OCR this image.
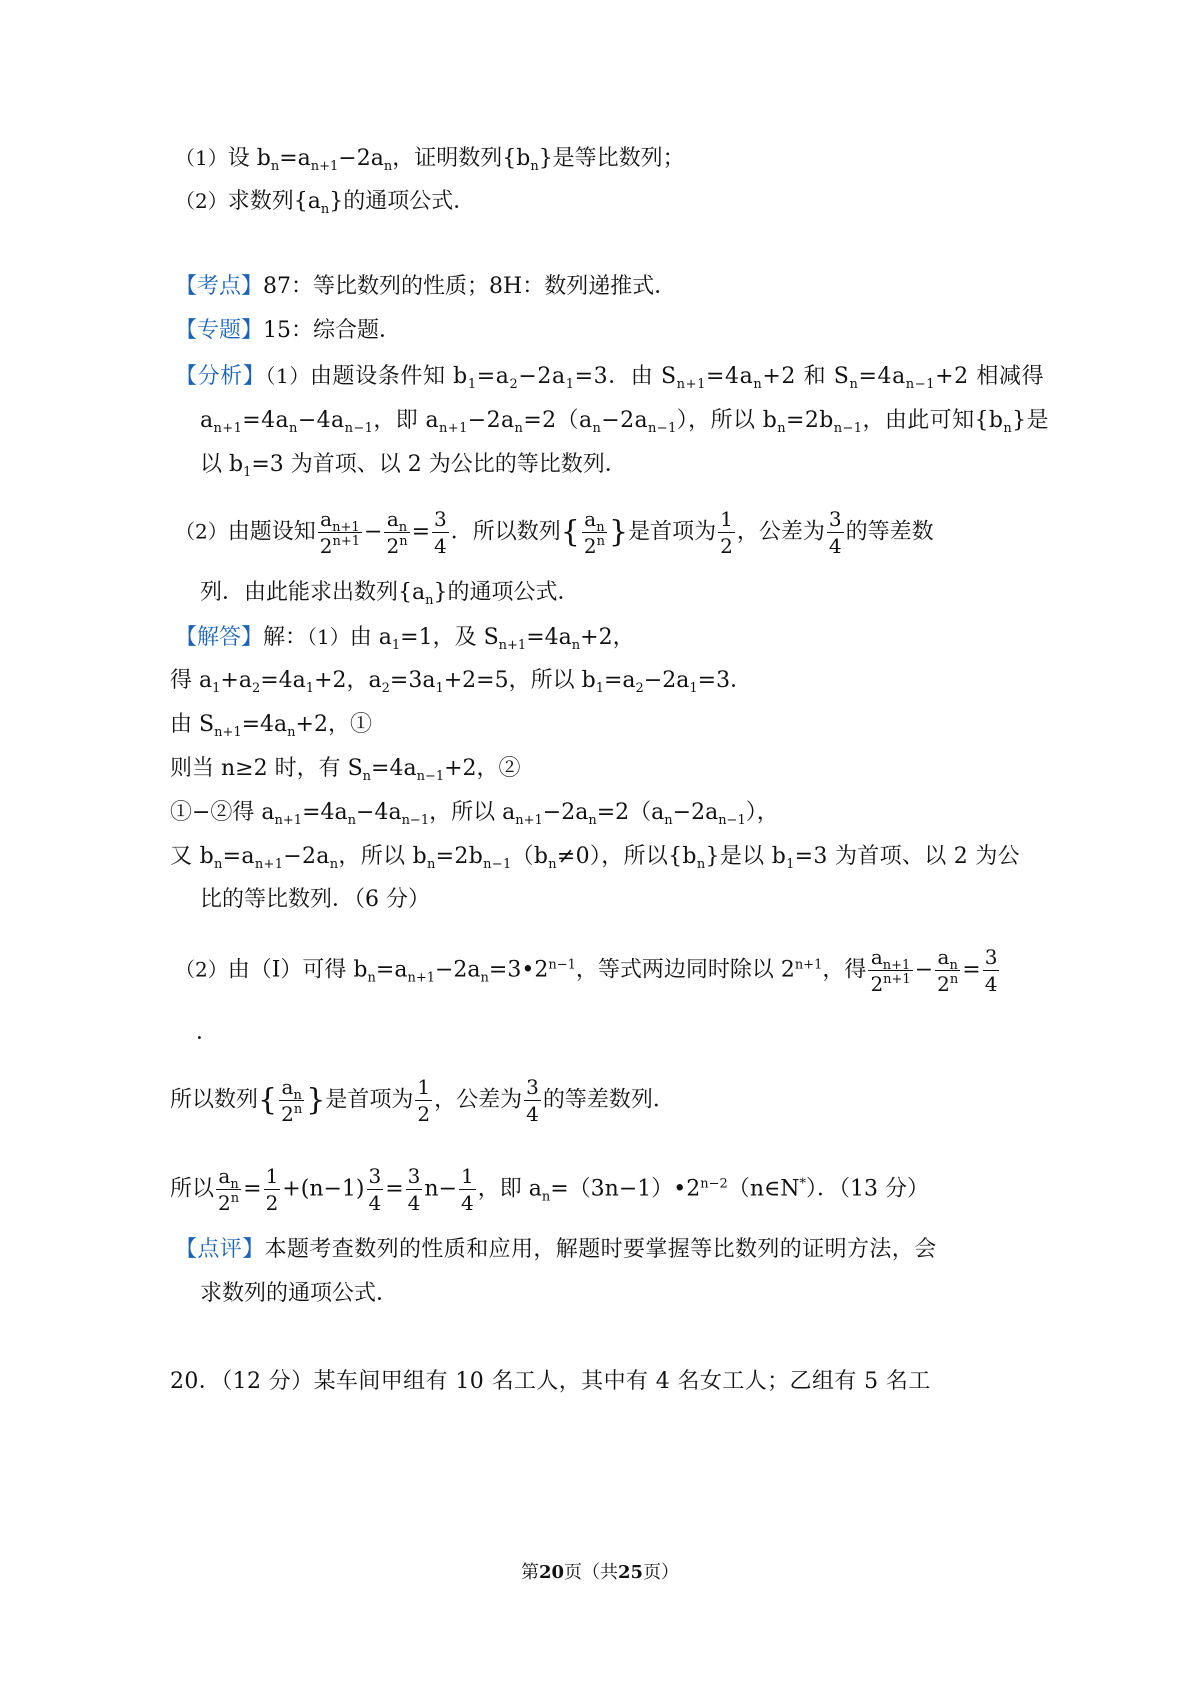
（1）设 $b_n=a_{n+1}-2a_n$，证明数列$\{b_n\}$是等比数列；
（2）求数列$\{a_n\}$的通项公式．
【考点】87：等比数列的性质；8H：数列递推式．
【专题】15：综合题．
【分析】（1）由题设条件知 $b_1=a_2-2a_1=3$．由 $S_{n+1}=4a_n+2$ 和 $S_n=4a_{n-1}+2$ 相减得
$a_{n+1}=4a_n-4a_{n-1}$，即 $a_{n+1}-2a_n=2(a_n-2a_{n-1})$，所以 $b_n=2b_{n-1}$，由此可知$\{b_n\}$是
以 $b_1=3$ 为首项、以 2 为公比的等比数列．
（2）由题设知 $\frac{a_{n+1}}{2^{n+1}} - \frac{a_n}{2^n} = \frac{3}{4}$ ．所以数列{ $\frac{a_n}{2^n}$ }是首项为 $\frac{1}{2}$ ，公差为 $\frac{3}{4}$ 的等差数
列．由此能求出数列$\{a_n\}$的通项公式．
【解答】解：（1）由 $a_1=1$，及 $S_{n+1}=4a_n+2$，
得 $a_1+a_2=4a_1+2$，$a_2=3a_1+2=5$，所以 $b_1=a_2-2a_1=3$．
由 $S_{n+1}=4a_n+2$，①
则当 n≥2 时，有 $S_n=4a_{n-1}+2$，②
①−②得 $a_{n+1}=4a_n-4a_{n-1}$，所以 $a_{n+1}-2a_n=2(a_n-2a_{n-1})$，
又 $b_n=a_{n+1}-2a_n$，所以 $b_n=2b_{n-1}(b_n\ne 0)$，所以$\{b_n\}$是以 $b_1=3$ 为首项、以 2 为公
比的等比数列．（6 分）
（2）由（I）可得 $b_n=a_{n+1}-2a_n=3•2^{n-1}$，等式两边同时除以 $2^{n+1}$，得 $\frac{a_{n+1}}{2^{n+1}} - \frac{a_n}{2^n} = \frac{3}{4}$
．
所以数列{ $\frac{a_n}{2^n}$ }是首项为 $\frac{1}{2}$ ，公差为 $\frac{3}{4}$ 的等差数列．
所以 $\frac{a_n}{2^n} = \frac{1}{2} +(n-1) \frac{3}{4} = \frac{3}{4} n- \frac{1}{4}$ ，即 $a_n=(3n-1)•2^{n-2}(n\in N^*)$．（13 分）
【点评】本题考查数列的性质和应用，解题时要掌握等比数列的证明方法，会
求数列的通项公式．
20．（12 分）某车间甲组有 10 名工人，其中有 4 名女工人；乙组有 5 名工
第20页（共25页）
